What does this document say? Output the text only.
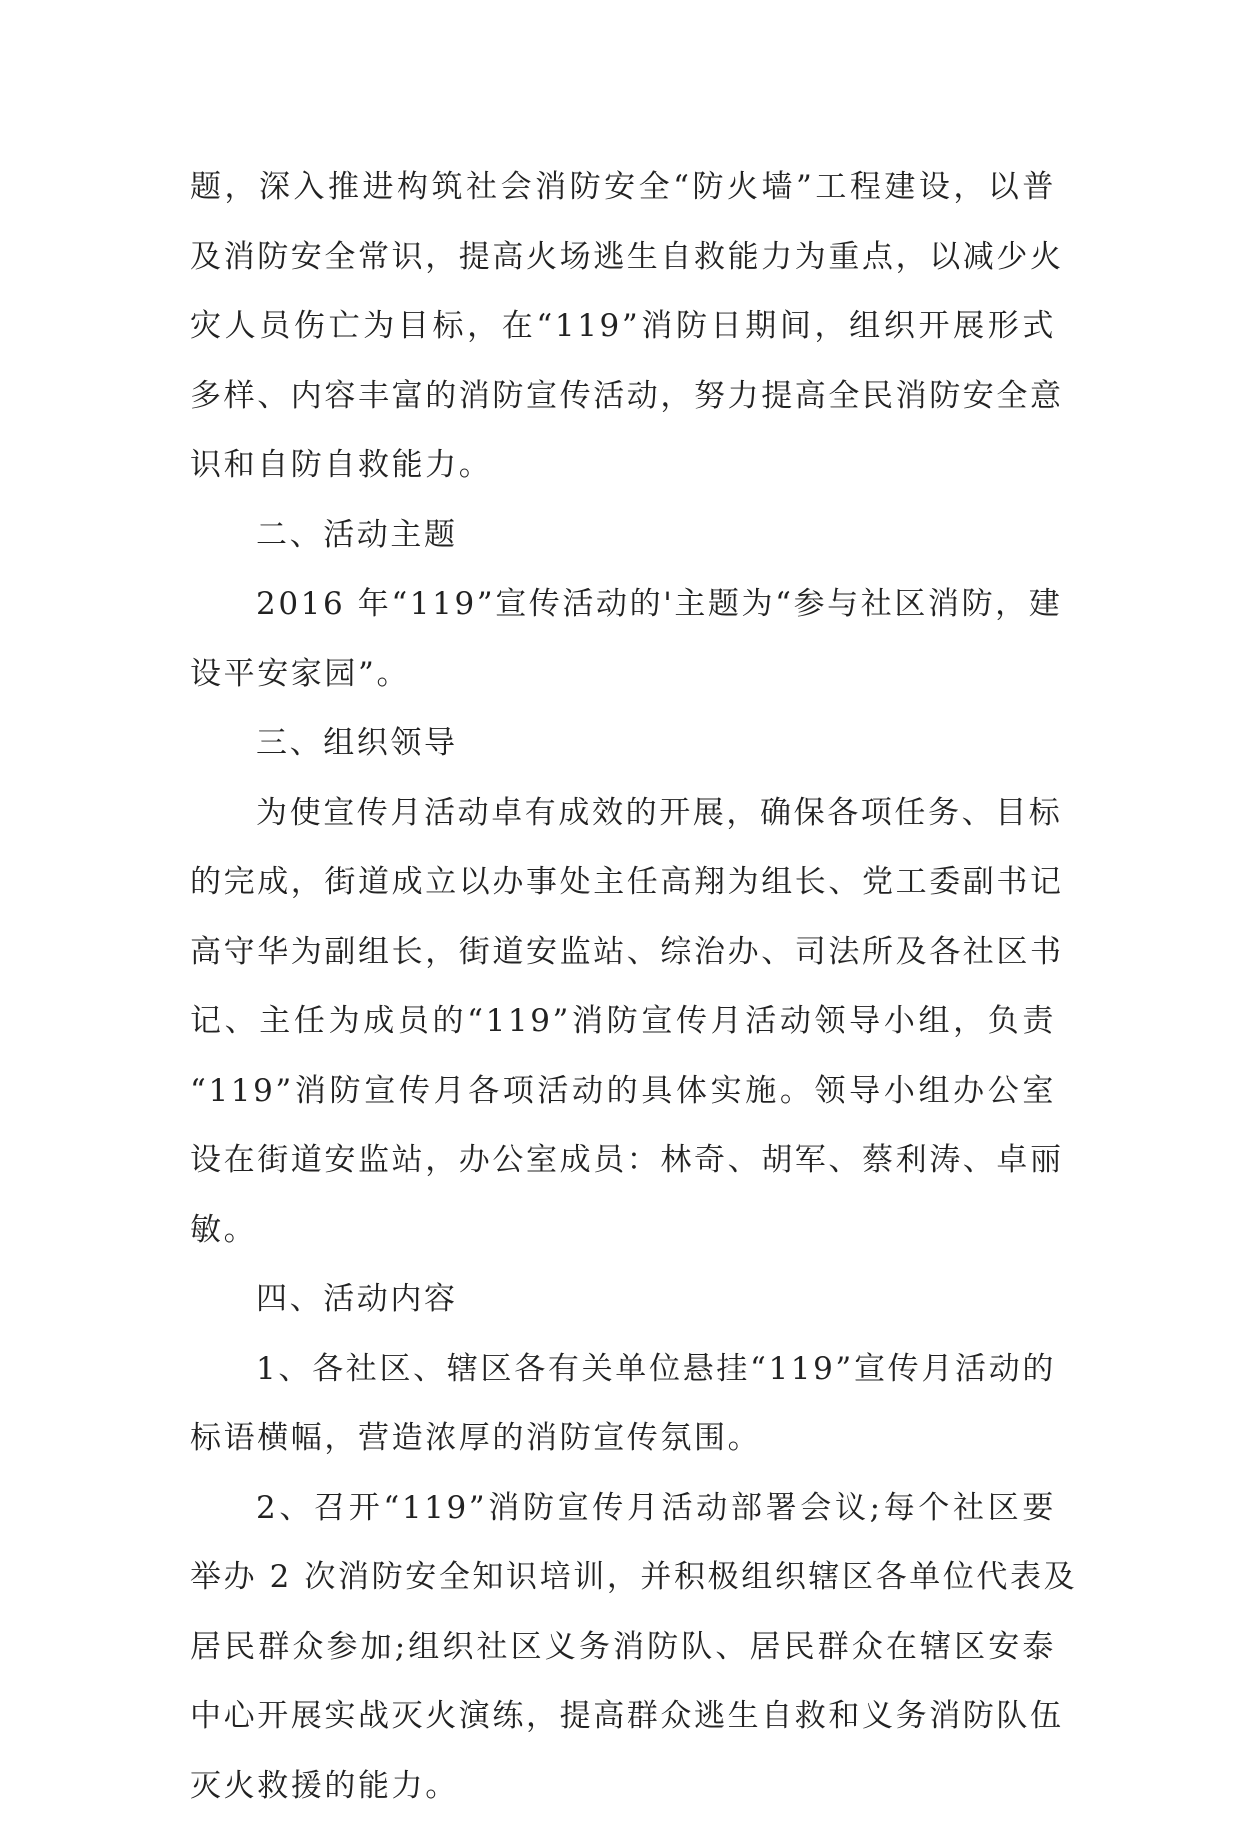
题，深入推进构筑社会消防安全“防火墙”工程建设，以普
及消防安全常识，提高火场逃生自救能力为重点，以减少火
灾人员伤亡为目标，在“119”消防日期间，组织开展形式
多样、内容丰富的消防宣传活动，努力提高全民消防安全意
识和自防自救能力。
二、活动主题
2016 年“119”宣传活动的'主题为“参与社区消防，建
设平安家园”。
三、组织领导
为使宣传月活动卓有成效的开展，确保各项任务、目标
的完成，街道成立以办事处主任高翔为组长、党工委副书记
高守华为副组长，街道安监站、综治办、司法所及各社区书
记、主任为成员的“119”消防宣传月活动领导小组，负责
“119”消防宣传月各项活动的具体实施。领导小组办公室
设在街道安监站，办公室成员：林奇、胡军、蔡利涛、卓丽
敏。
四、活动内容
1、各社区、辖区各有关单位悬挂“119”宣传月活动的
标语横幅，营造浓厚的消防宣传氛围。
2、召开“119”消防宣传月活动部署会议;每个社区要
举办 2 次消防安全知识培训，并积极组织辖区各单位代表及
居民群众参加;组织社区义务消防队、居民群众在辖区安泰
中心开展实战灭火演练，提高群众逃生自救和义务消防队伍
灭火救援的能力。
